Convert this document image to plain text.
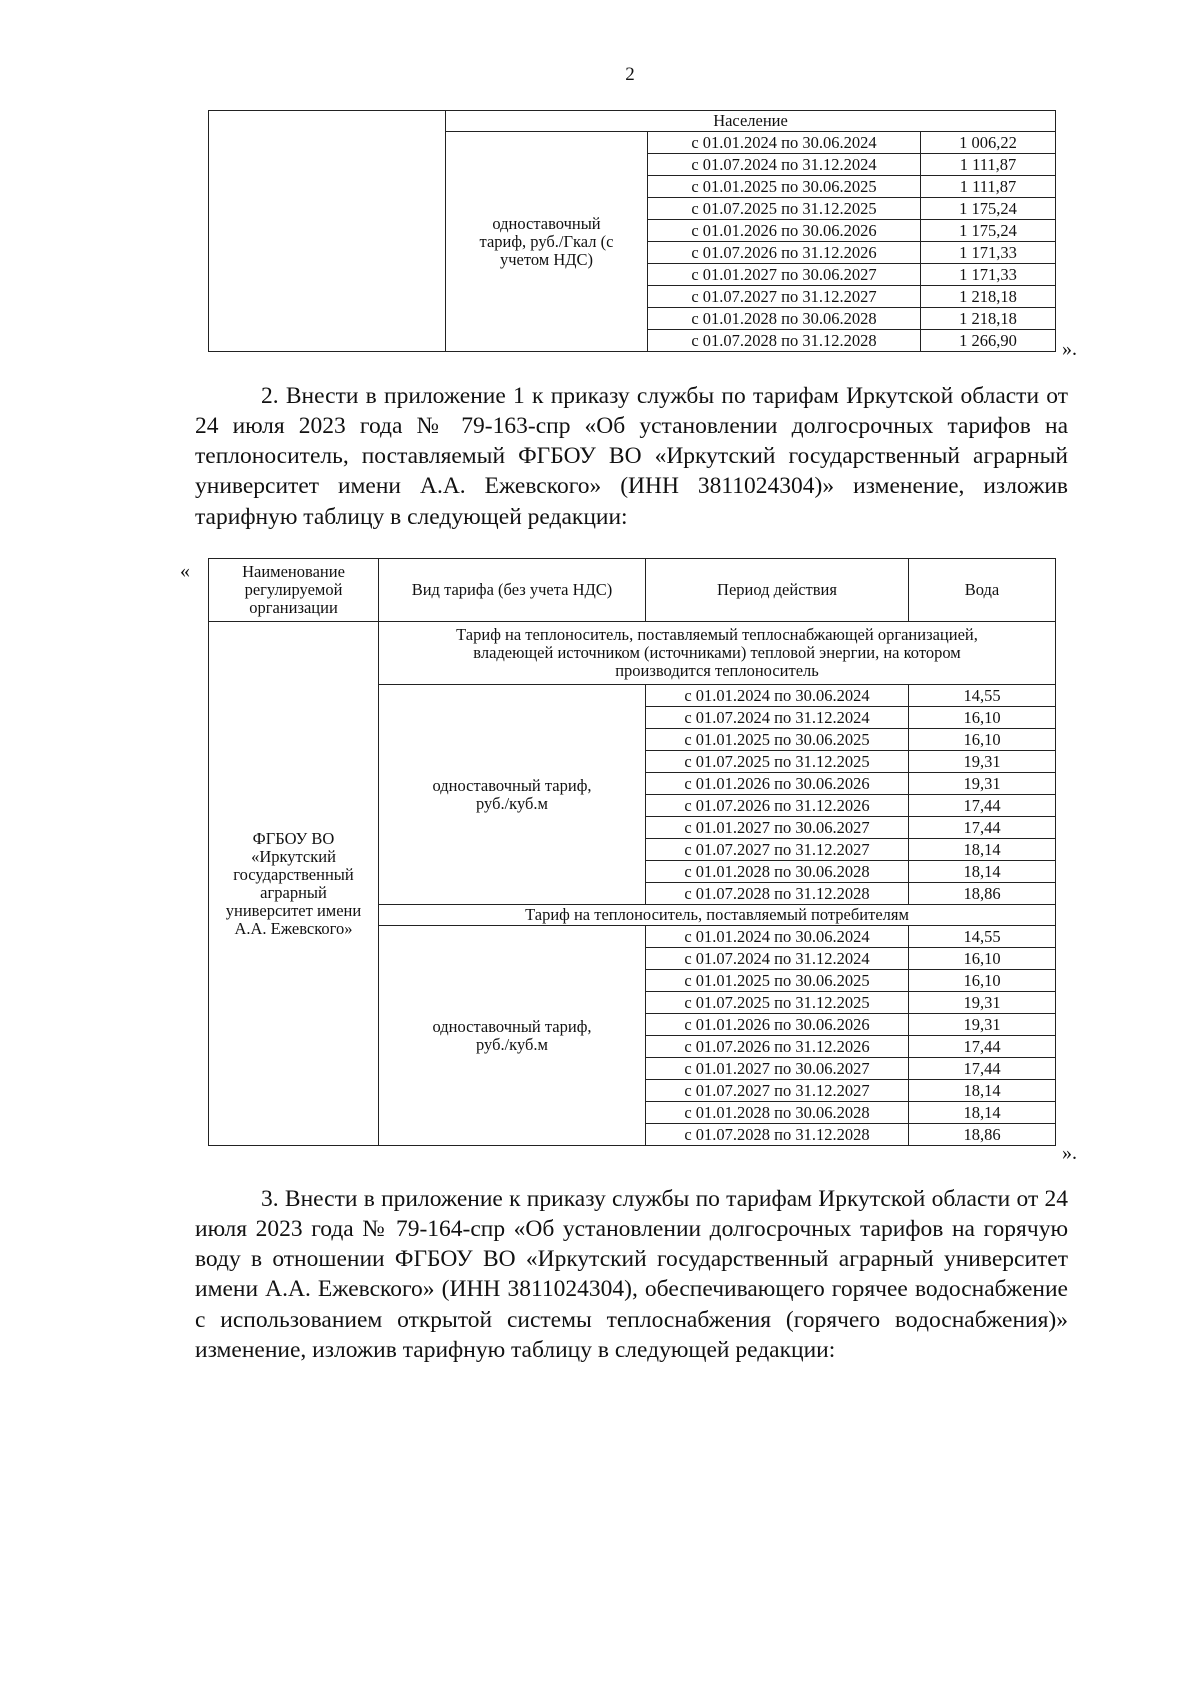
2
	Население		
	одноставочный тариф, руб./Гкал (с учетом НДС)	с 01.01.2024 по 30.06.2024	1 006,22
		с 01.07.2024 по 31.12.2024	1 111,87
		с 01.01.2025 по 30.06.2025	1 111,87
		с 01.07.2025 по 31.12.2025	1 175,24
		с 01.01.2026 по 30.06.2026	1 175,24
		с 01.07.2026 по 31.12.2026	1 171,33
		с 01.01.2027 по 30.06.2027	1 171,33
		с 01.07.2027 по 31.12.2027	1 218,18
		с 01.01.2028 по 30.06.2028	1 218,18
		с 01.07.2028 по 31.12.2028	1 266,90 ».

2. Внести в приложение 1 к приказу службы по тарифам Иркутской области от 24 июля 2023 года № 79-163-спр «Об установлении долгосрочных тарифов на теплоноситель, поставляемый ФГБОУ ВО «Иркутский государственный аграрный университет имени А.А. Ежевского» (ИНН 3811024304)» изменение, изложив тарифную таблицу в следующей редакции:

«	Наименование регулируемой организации	Вид тарифа (без учета НДС)	Период действия	Вода
ФГБОУ ВО «Иркутский государственный аграрный университет имени А.А. Ежевского»	Тариф на теплоноситель, поставляемый теплоснабжающей организацией, владеющей источником (источниками) тепловой энергии, на котором производится теплоноситель		
	одноставочный тариф, руб./куб.м	с 01.01.2024 по 30.06.2024	14,55
		с 01.07.2024 по 31.12.2024	16,10
		с 01.01.2025 по 30.06.2025	16,10
		с 01.07.2025 по 31.12.2025	19,31
		с 01.01.2026 по 30.06.2026	19,31
		с 01.07.2026 по 31.12.2026	17,44
		с 01.01.2027 по 30.06.2027	17,44
		с 01.07.2027 по 31.12.2027	18,14
		с 01.01.2028 по 30.06.2028	18,14
		с 01.07.2028 по 31.12.2028	18,86
	Тариф на теплоноситель, поставляемый потребителям		
	одноставочный тариф, руб./куб.м	с 01.01.2024 по 30.06.2024	14,55
		с 01.07.2024 по 31.12.2024	16,10
		с 01.01.2025 по 30.06.2025	16,10
		с 01.07.2025 по 31.12.2025	19,31
		с 01.01.2026 по 30.06.2026	19,31
		с 01.07.2026 по 31.12.2026	17,44
		с 01.01.2027 по 30.06.2027	17,44
		с 01.07.2027 по 31.12.2027	18,14
		с 01.01.2028 по 30.06.2028	18,14
		с 01.07.2028 по 31.12.2028	18,86
».

3. Внести в приложение к приказу службы по тарифам Иркутской области от 24 июля 2023 года № 79-164-спр «Об установлении долгосрочных тарифов на горячую воду в отношении ФГБОУ ВО «Иркутский государственный аграрный университет имени А.А. Ежевского» (ИНН 3811024304), обеспечивающего горячее водоснабжение с использованием открытой системы теплоснабжения (горячего водоснабжения)» изменение, изложив тарифную таблицу в следующей редакции:
